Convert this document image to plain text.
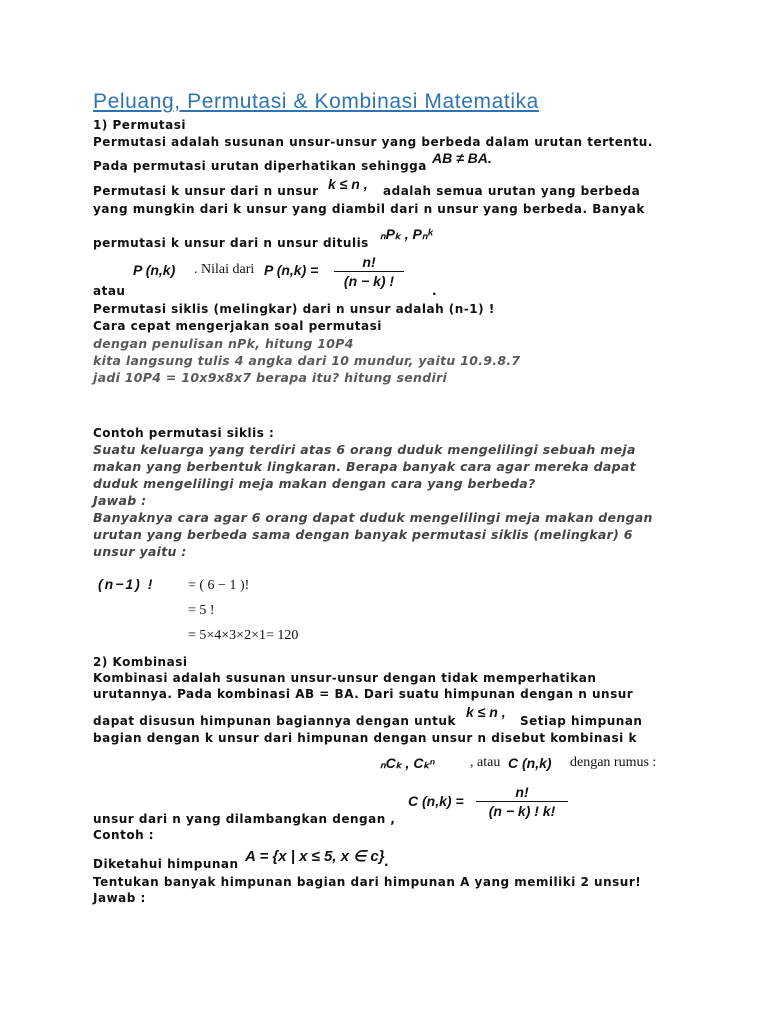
Peluang, Permutasi & Kombinasi Matematika
1) Permutasi
Permutasi adalah susunan unsur-unsur yang berbeda dalam urutan tertentu.
Pada permutasi urutan diperhatikan sehingga AB ≠ BA.
Permutasi k unsur dari n unsur k ≤ n , adalah semua urutan yang berbeda
yang mungkin dari k unsur yang diambil dari n unsur yang berbeda. Banyak
permutasi k unsur dari n unsur ditulis
ₙPₖ , Pₙᵏ
P (n,k) . Nilai dari P (n,k) =	n!
(n − k) !
atau	.
Permutasi siklis (melingkar) dari n unsur adalah (n-1) !
Cara cepat mengerjakan soal permutasi
dengan penulisan nPk, hitung 10P4
kita langsung tulis 4 angka dari 10 mundur, yaitu 10.9.8.7
jadi 10P4 = 10x9x8x7 berapa itu? hitung sendiri
Contoh permutasi siklis :
Suatu keluarga yang terdiri atas 6 orang duduk mengelilingi sebuah meja
makan yang berbentuk lingkaran. Berapa banyak cara agar mereka dapat
duduk mengelilingi meja makan dengan cara yang berbeda?
Jawab :
Banyaknya cara agar 6 orang dapat duduk mengelilingi meja makan dengan
urutan yang berbeda sama dengan banyak permutasi siklis (melingkar) 6
unsur yaitu :
(n−1) ! = ( 6 − 1 )!
= 5 !
= 5×4×3×2×1= 120
2) Kombinasi
Kombinasi adalah susunan unsur-unsur dengan tidak memperhatikan
urutannya. Pada kombinasi AB = BA. Dari suatu himpunan dengan n unsur
dapat disusun himpunan bagiannya dengan untuk
k ≤ n ,
Setiap himpunan
bagian dengan k unsur dari himpunan dengan unsur n disebut kombinasi k
ₙCₖ , Cₖⁿ	, atau C (n,k) dengan rumus :
C (n,k) =
n!
(n − k) ! k!
unsur dari n yang dilambangkan dengan ,
Contoh :
Diketahui himpunan A = {x | x ≤ 5, x ∈ c} .
Tentukan banyak himpunan bagian dari himpunan A yang memiliki 2 unsur!
Jawab :
